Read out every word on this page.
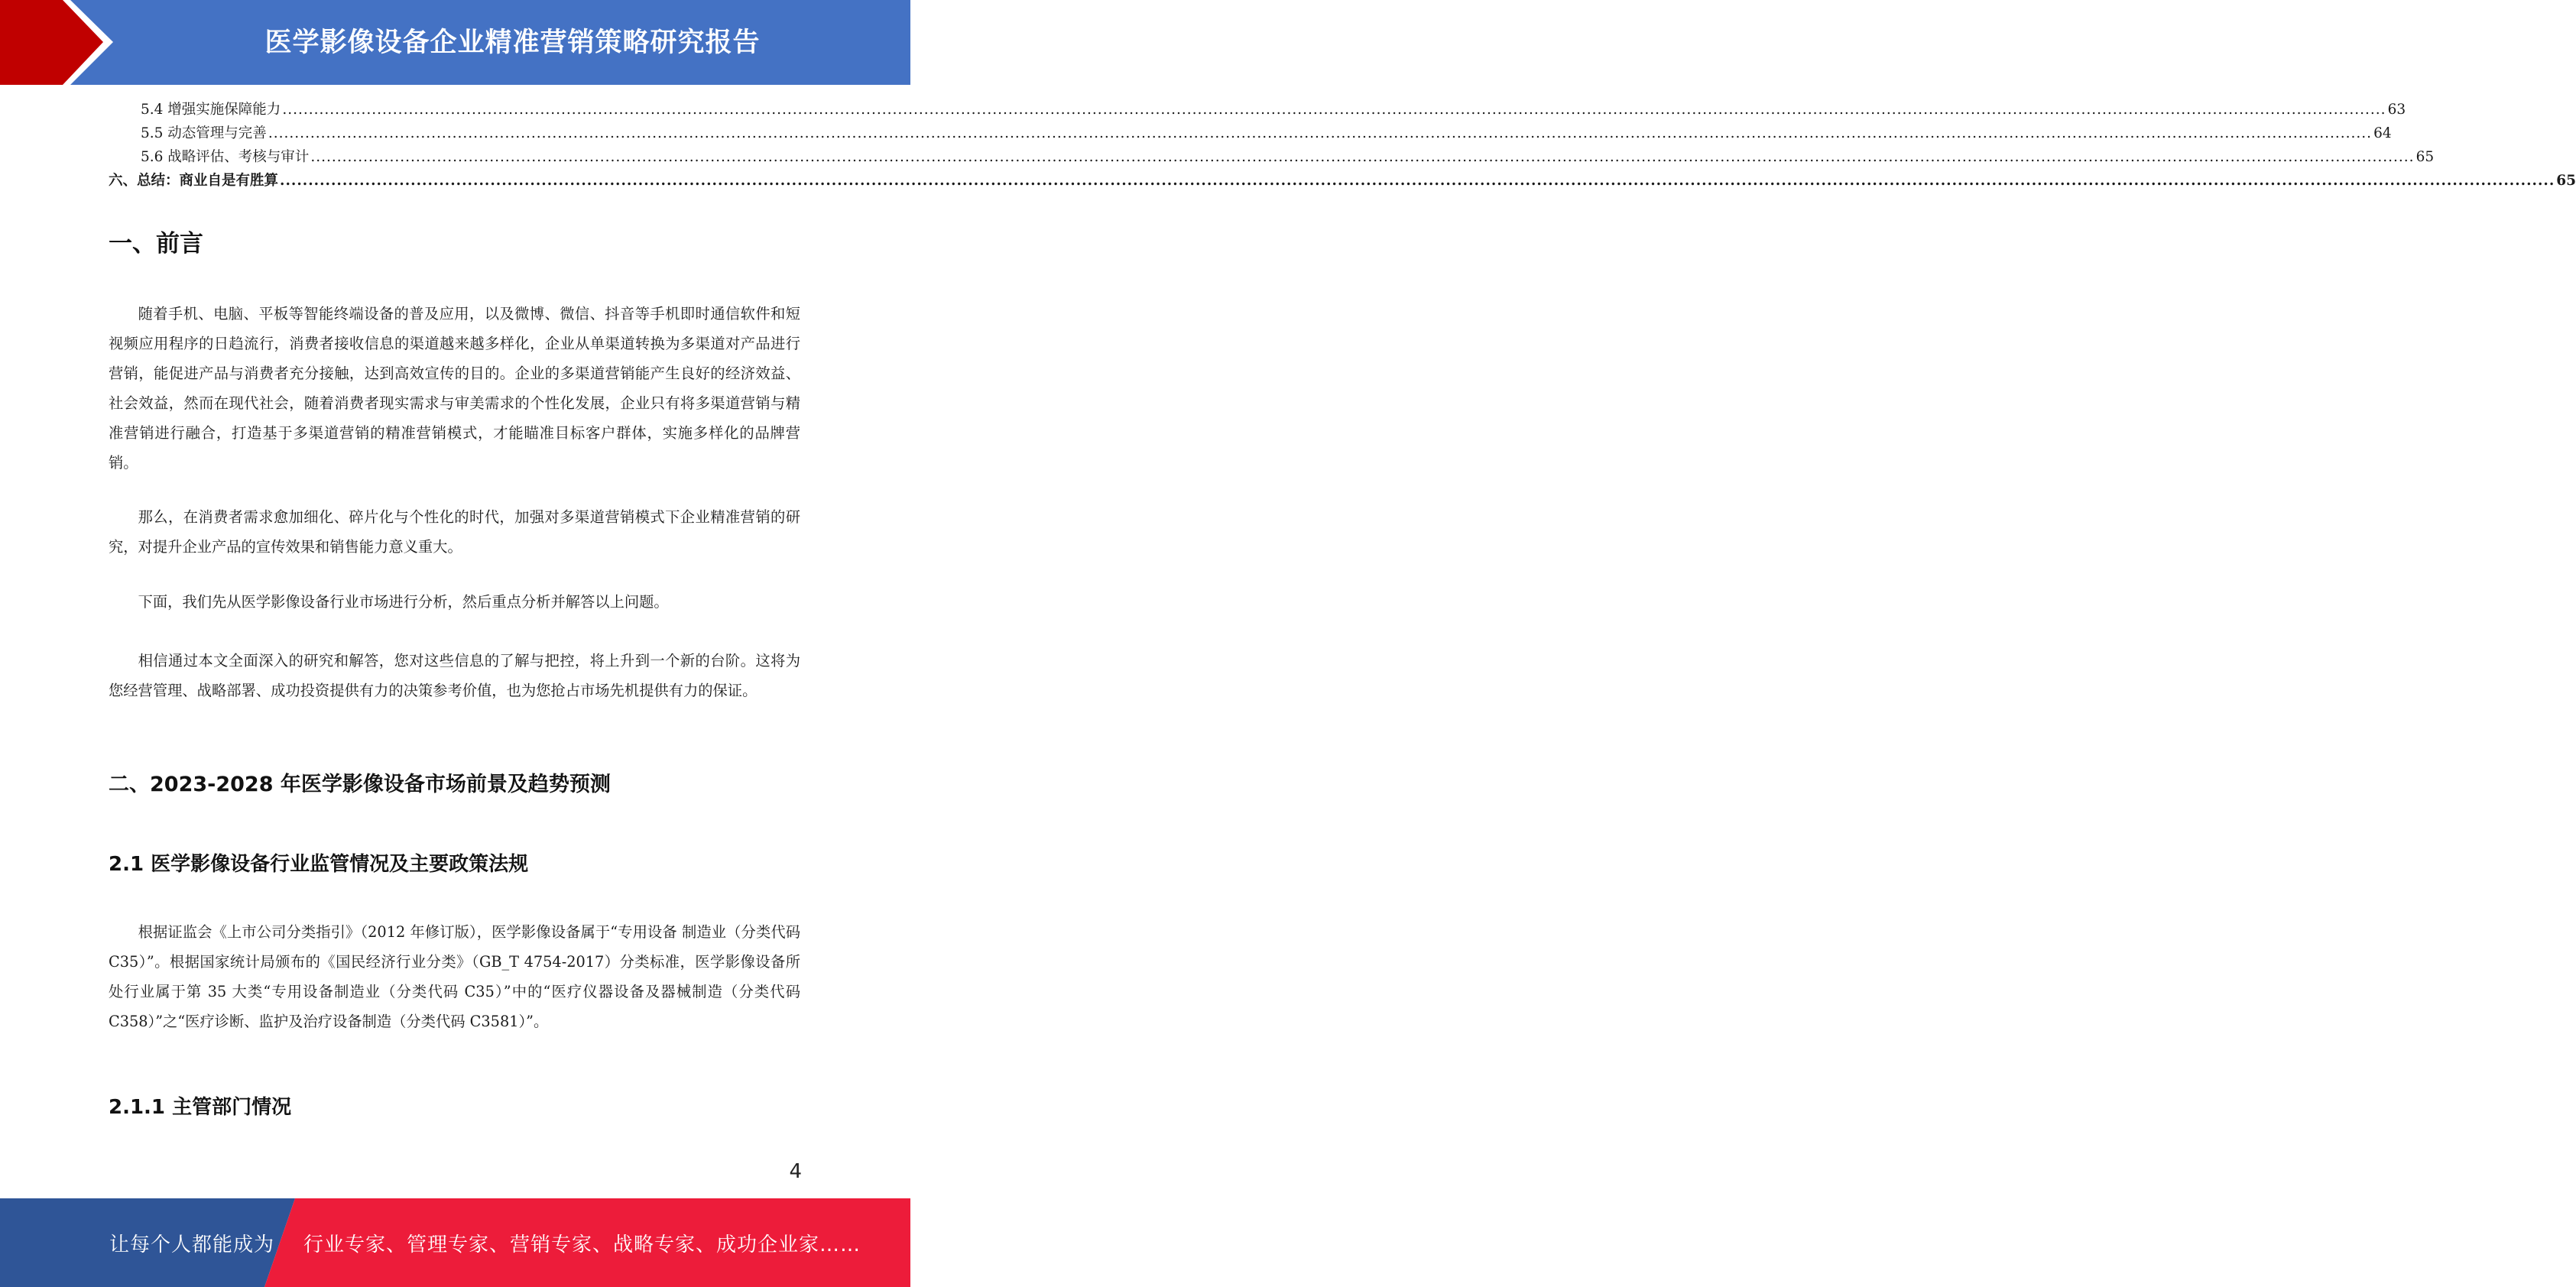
医学影像设备企业精准营销策略研究报告
5.4 增强实施保障能力 ................................................................................................................................................................................................................................................................................................................................................................................................................ 63
5.5 动态管理与完善 ................................................................................................................................................................................................................................................................................................................................................................................................................ 64
5.6 战略评估、考核与审计 ................................................................................................................................................................................................................................................................................................................................................................................................................ 65
六、总结：商业自是有胜算 ................................................................................................................................................................................................................................................................................................................................................................................................................ 65
一、前言

随着手机、电脑、平板等智能终端设备的普及应用，以及微博、微信、抖音等手机即时通信软件和短视频应用程序的日趋流行，消费者接收信息的渠道越来越多样化，企业从单渠道转换为多渠道对产品进行营销，能促进产品与消费者充分接触，达到高效宣传的目的。企业的多渠道营销能产生良好的经济效益、社会效益，然而在现代社会，随着消费者现实需求与审美需求的个性化发展，企业只有将多渠道营销与精准营销进行融合，打造基于多渠道营销的精准营销模式，才能瞄准目标客户群体，实施多样化的品牌营销。

那么，在消费者需求愈加细化、碎片化与个性化的时代，加强对多渠道营销模式下企业精准营销的研究，对提升企业产品的宣传效果和销售能力意义重大。

下面，我们先从医学影像设备行业市场进行分析，然后重点分析并解答以上问题。

相信通过本文全面深入的研究和解答，您对这些信息的了解与把控，将上升到一个新的台阶。这将为您经营管理、战略部署、成功投资提供有力的决策参考价值，也为您抢占市场先机提供有力的保证。

二、2023-2028 年医学影像设备市场前景及趋势预测
2.1 医学影像设备行业监管情况及主要政策法规

根据证监会《上市公司分类指引》（2012 年修订版），医学影像设备属于“专用设备 制造业（分类代码 C35）”。根据国家统计局颁布的《国民经济行业分类》（GB_T 4754-2017）分类标准，医学影像设备所处行业属于第 35 大类“专用设备制造业（分类代码 C35）”中的“医疗仪器设备及器械制造（分类代码 C358）”之“医疗诊断、监护及治疗设备制造（分类代码 C3581）”。

2.1.1 主管部门情况
4
让每个人都能成为 行业专家、管理专家、营销专家、战略专家、成功企业家……
